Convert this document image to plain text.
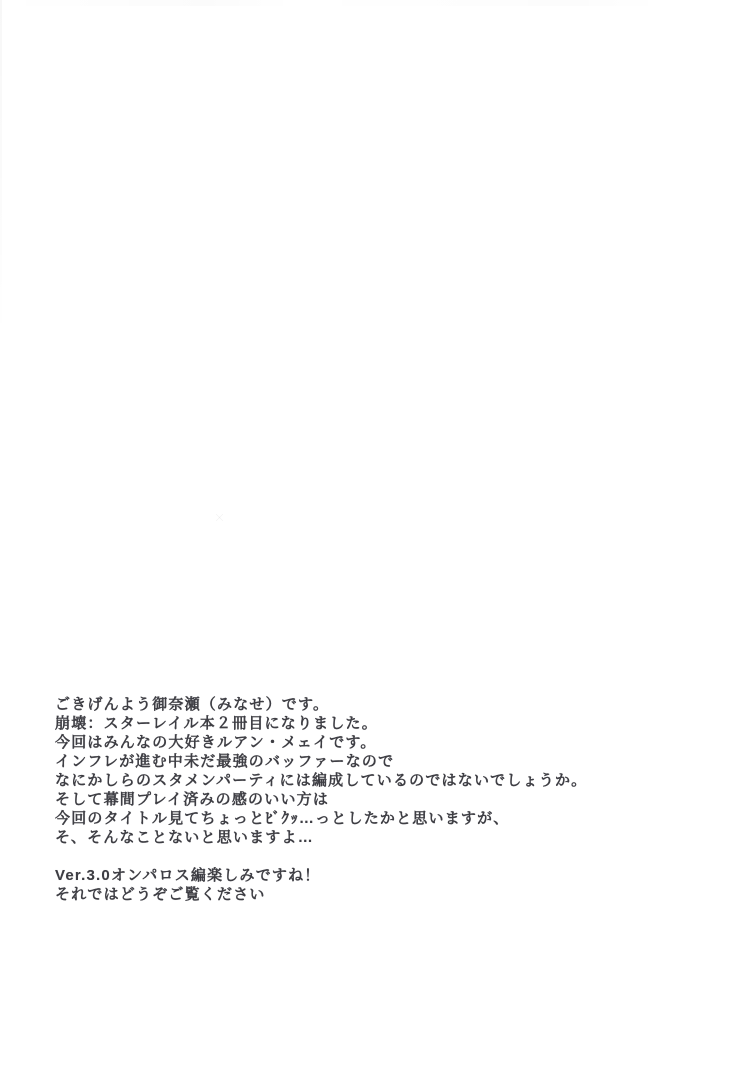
ごきげんよう御奈瀬（みなせ）です。

崩壊：スターレイル本２冊目になりました。

今回はみんなの大好きルアン・メェイです。

インフレが進む中未だ最強のバッファーなので

なにかしらのスタメンパーティには編成しているのではないでしょうか。

そして幕間プレイ済みの感のいい方は

今回のタイトル見てちょっとﾋﾞｸｯ…っとしたかと思いますが、

そ、そんなことないと思いますよ…

Ver.3.0オンパロス編楽しみですね！

それではどうぞご覧ください
